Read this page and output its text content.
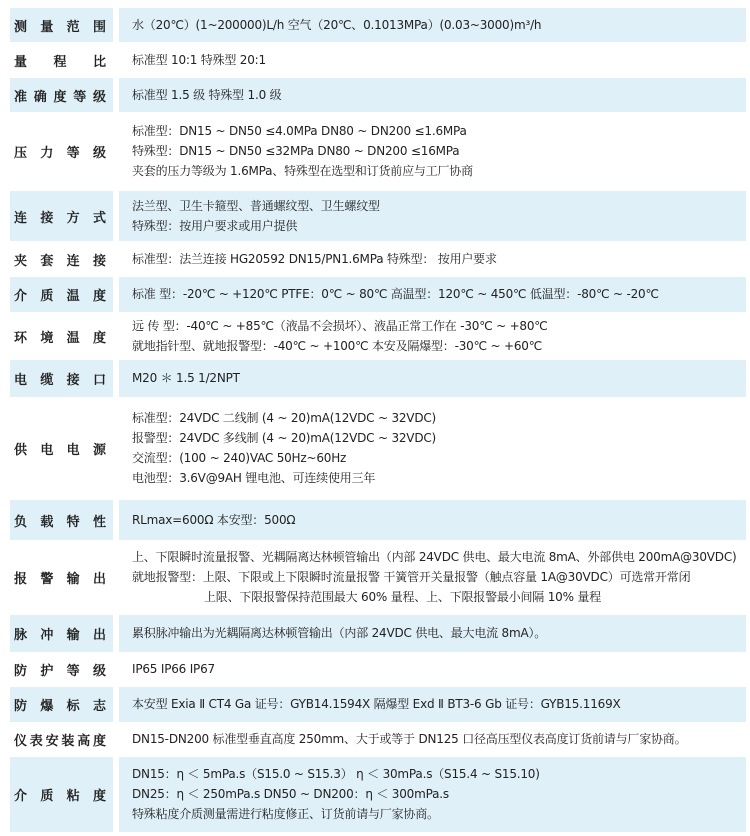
测量范围 水（20℃）(1~200000)L/h 空气（20℃、0.1013MPa）(0.03~3000)m³/h
量程比 标准型 10:1 特殊型 20:1
准确度等级 标准型 1.5 级 特殊型 1.0 级
压力等级
标准型：DN15 ~ DN50 ≤4.0MPa DN80 ~ DN200 ≤1.6MPa
特殊型：DN15 ~ DN50 ≤32MPa DN80 ~ DN200 ≤16MPa
夹套的压力等级为 1.6MPa、特殊型在选型和订货前应与工厂协商
连接方式
法兰型、卫生卡箍型、普通螺纹型、卫生螺纹型
特殊型：按用户要求或用户提供
夹套连接 标准型：法兰连接 HG20592 DN15/PN1.6MPa 特殊型： 按用户要求
介质温度 标准 型：-20℃ ~ +120℃ PTFE：0℃ ~ 80℃ 高温型：120℃ ~ 450℃ 低温型：-80℃ ~ -20℃
环境温度
远 传 型：-40℃ ~ +85℃（液晶不会损坏）、液晶正常工作在 -30℃ ~ +80℃
就地指针型、就地报警型：-40℃ ~ +100℃ 本安及隔爆型：-30℃ ~ +60℃
电缆接口 M20 ＊ 1.5 1/2NPT
供电电源
标准型：24VDC 二线制 (4 ~ 20)mA(12VDC ~ 32VDC)
报警型：24VDC 多线制 (4 ~ 20)mA(12VDC ~ 32VDC)
交流型：(100 ~ 240)VAC 50Hz~60Hz
电池型：3.6V@9AH 锂电池、可连续使用三年
负载特性 RLmax=600Ω 本安型：500Ω
报警输出
上、下限瞬时流量报警、光耦隔离达林顿管输出（内部 24VDC 供电、最大电流 8mA、外部供电 200mA@30VDC)
就地报警型：上限、下限或上下限瞬时流量报警 干簧管开关量报警（触点容量 1A@30VDC）可选常开常闭
上限、下限报警保持范围最大 60% 量程、上、下限报警最小间隔 10% 量程
脉冲输出 累积脉冲输出为光耦隔离达林顿管输出（内部 24VDC 供电、最大电流 8mA）。
防护等级 IP65 IP66 IP67
防爆标志 本安型 Exia Ⅱ CT4 Ga 证号：GYB14.1594X 隔爆型 Exd Ⅱ BT3-6 Gb 证号：GYB15.1169X
仪表安装高度 DN15-DN200 标准型垂直高度 250mm、大于或等于 DN125 口径高压型仪表高度订货前请与厂家协商。
介质粘度
DN15：η ＜ 5mPa.s（S15.0 ~ S15.3） η ＜ 30mPa.s（S15.4 ~ S15.10)
DN25：η ＜ 250mPa.s DN50 ~ DN200：η ＜ 300mPa.s
特殊粘度介质测量需进行粘度修正、订货前请与厂家协商。
